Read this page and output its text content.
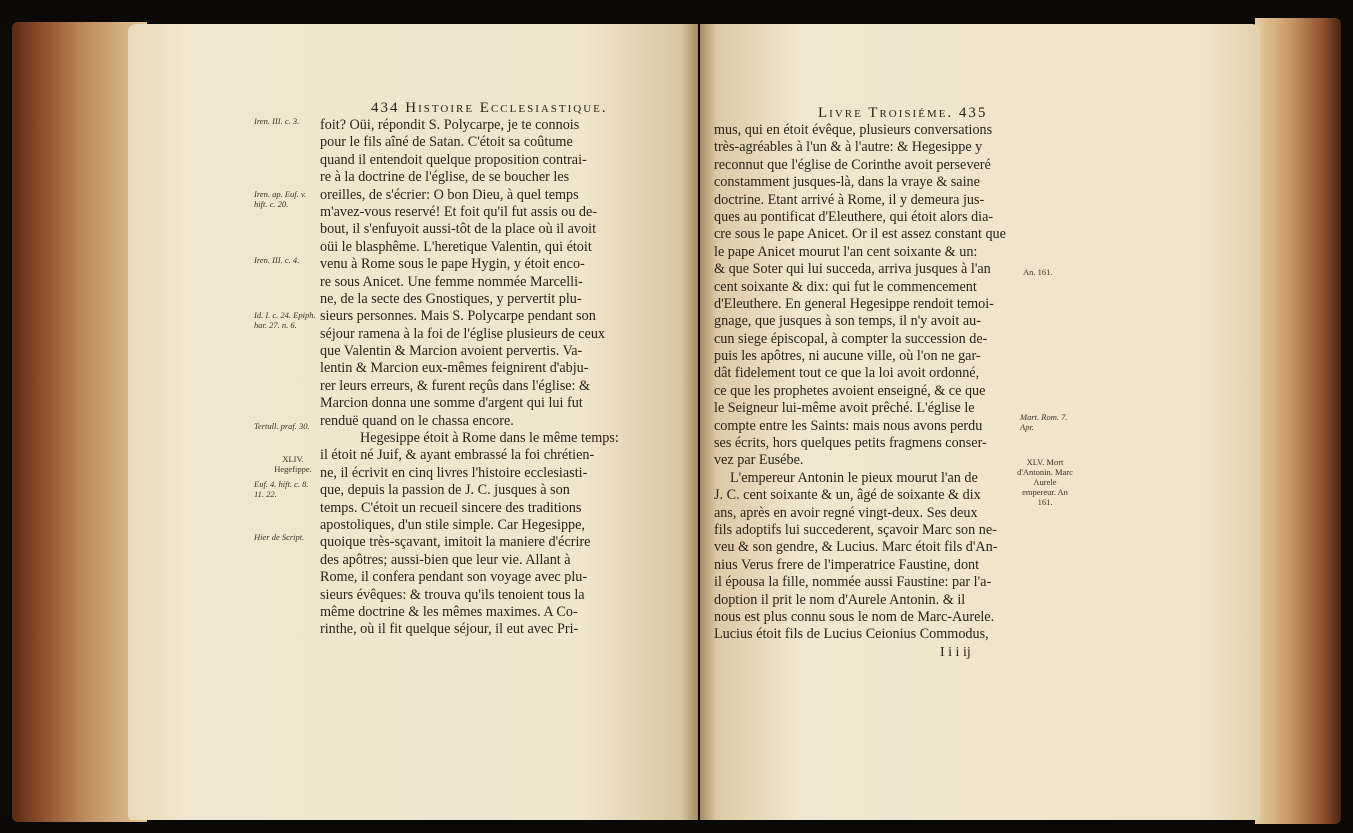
434 Histoire Ecclesiastique.
Iren. III. c. 3.
Iren. ap. Euf. v. hift. c. 20.
Iren. III. c. 4.
Id. I. c. 24. Epiph. har. 27. n. 6.
Tertull. praf. 30.
XLIV. Hegefippe.
Euf. 4. hift. c. 8. 11. 22.
Hier de Script.
foit? Oüi, répondit S. Polycarpe, je te connois
pour le fils aîné de Satan. C'étoit sa coûtume
quand il entendoit quelque proposition contrai-
re à la doctrine de l'église, de se boucher les
oreilles, de s'écrier: O bon Dieu, à quel temps
m'avez-vous reservé! Et foit qu'il fut assis ou de-
bout, il s'enfuyoit aussi-tôt de la place où il avoit
oüi le blasphême. L'heretique Valentin, qui étoit
venu à Rome sous le pape Hygin, y étoit enco-
re sous Anicet. Une femme nommée Marcelli-
ne, de la secte des Gnostiques, y pervertit plu-
sieurs personnes. Mais S. Polycarpe pendant son
séjour ramena à la foi de l'église plusieurs de ceux
que Valentin & Marcion avoient pervertis. Va-
lentin & Marcion eux-mêmes feignirent d'abju-
rer leurs erreurs, & furent reçûs dans l'église: &
Marcion donna une somme d'argent qui lui fut
renduë quand on le chassa encore.
Hegesippe étoit à Rome dans le même temps:
il étoit né Juif, & ayant embrassé la foi chrétien-
ne, il écrivit en cinq livres l'histoire ecclesiasti-
que, depuis la passion de J. C. jusques à son
temps. C'étoit un recueil sincere des traditions
apostoliques, d'un stile simple. Car Hegesippe,
quoique très-sçavant, imitoit la maniere d'écrire
des apôtres; aussi-bien que leur vie. Allant à
Rome, il confera pendant son voyage avec plu-
sieurs évêques: & trouva qu'ils tenoient tous la
même doctrine & les mêmes maximes. A Co-
rinthe, où il fit quelque séjour, il eut avec Pri-
Livre Troisiéme. 435
mus, qui en étoit évêque, plusieurs conversations
très-agréables à l'un & à l'autre: & Hegesippe y
reconnut que l'église de Corinthe avoit perseveré
constamment jusques-là, dans la vraye & saine
doctrine. Etant arrivé à Rome, il y demeura jus-
ques au pontificat d'Eleuthere, qui étoit alors dia-
cre sous le pape Anicet. Or il est assez constant que
le pape Anicet mourut l'an cent soixante & un:
& que Soter qui lui succeda, arriva jusques à l'an
cent soixante & dix: qui fut le commencement
d'Eleuthere. En general Hegesippe rendoit temoi-
gnage, que jusques à son temps, il n'y avoit au-
cun siege épiscopal, à compter la succession de-
puis les apôtres, ni aucune ville, où l'on ne gar-
dât fidelement tout ce que la loi avoit ordonné,
ce que les prophetes avoient enseigné, & ce que
le Seigneur lui-même avoit prêché. L'église le
compte entre les Saints: mais nous avons perdu
ses écrits, hors quelques petits fragmens conser-
vez par Eusébe.
L'empereur Antonin le pieux mourut l'an de
J. C. cent soixante & un, âgé de soixante & dix
ans, après en avoir regné vingt-deux. Ses deux
fils adoptifs lui succederent, sçavoir Marc son ne-
veu & son gendre, & Lucius. Marc étoit fils d'An-
nius Verus frere de l'imperatrice Faustine, dont
il épousa la fille, nommée aussi Faustine: par l'a-
doption il prit le nom d'Aurele Antonin. & il
nous est plus connu sous le nom de Marc-Aurele.
Lucius étoit fils de Lucius Ceionius Commodus,
I i i ij
An. 161.
Mart. Rom. 7. Apr.
XLV. Mort d'Antonin. Marc Aurele empereur. An 161.
